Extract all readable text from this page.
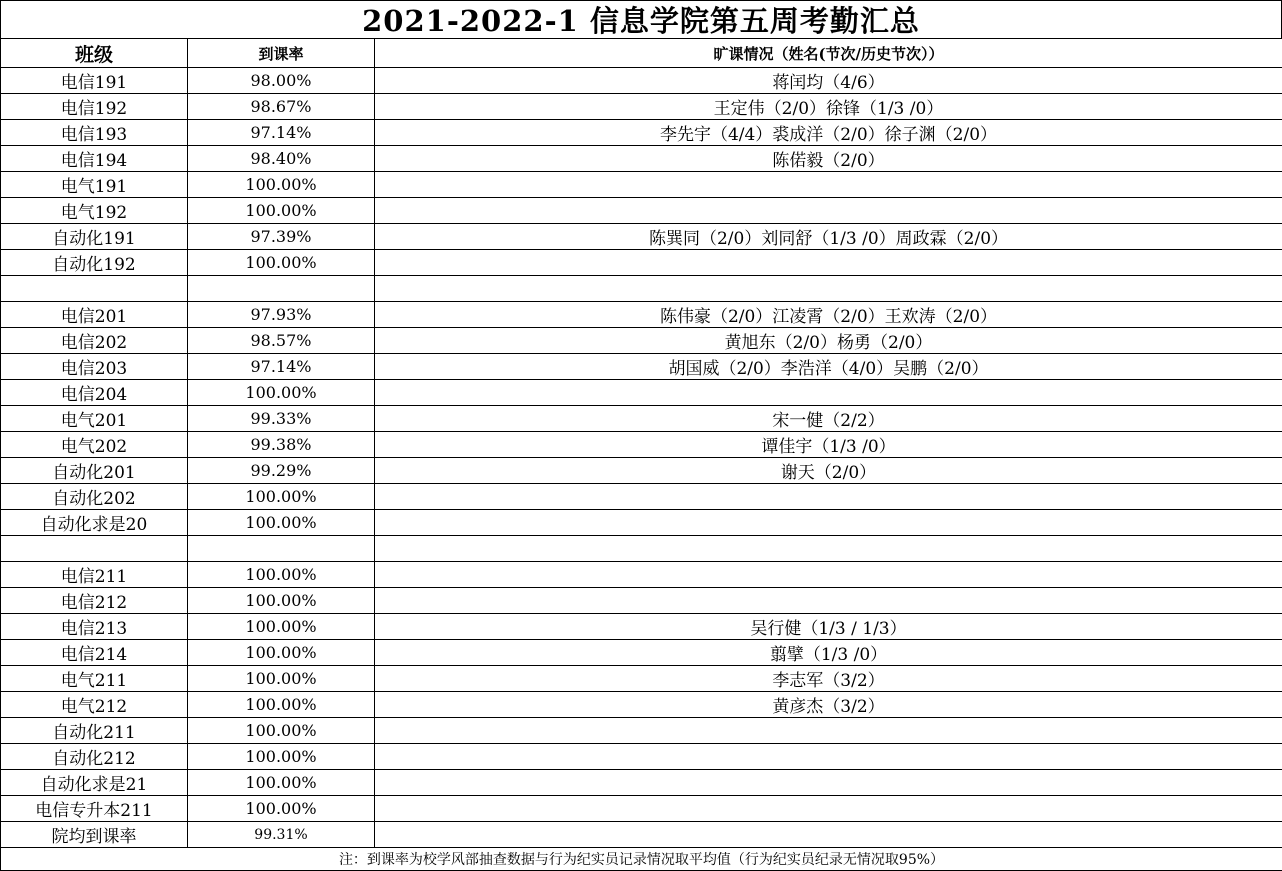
2021-2022-1 信息学院第五周考勤汇总
班级	到课率	旷课情况（姓名(节次/历史节次））
电信191	98.00%	蒋闰均（4/6）
电信192	98.67%	王定伟（2/0）徐锋（1/3 /0）
电信193	97.14%	李先宇（4/4）裘成洋（2/0）徐子渊（2/0）
电信194	98.40%	陈偌毅（2/0）
电气191	100.00%	
电气192	100.00%	
自动化191	97.39%	陈巽同（2/0）刘同舒（1/3 /0）周政霖（2/0）
自动化192	100.00%	

电信201	97.93%	陈伟豪（2/0）江凌霄（2/0）王欢涛（2/0）
电信202	98.57%	黄旭东（2/0）杨勇（2/0）
电信203	97.14%	胡国威（2/0）李浩洋（4/0）吴鹏（2/0）
电信204	100.00%	
电气201	99.33%	宋一健（2/2）
电气202	99.38%	谭佳宇（1/3 /0）
自动化201	99.29%	谢天（2/0）
自动化202	100.00%	
自动化求是20	100.00%	

电信211	100.00%	
电信212	100.00%	
电信213	100.00%	吴行健（1/3 / 1/3）
电信214	100.00%	翦擘（1/3 /0）
电气211	100.00%	李志军（3/2）
电气212	100.00%	黄彦杰（3/2）
自动化211	100.00%	
自动化212	100.00%	
自动化求是21	100.00%	
电信专升本211	100.00%	
院均到课率	99.31%	
注：到课率为校学风部抽查数据与行为纪实员记录情况取平均值（行为纪实员纪录无情况取95%）		
